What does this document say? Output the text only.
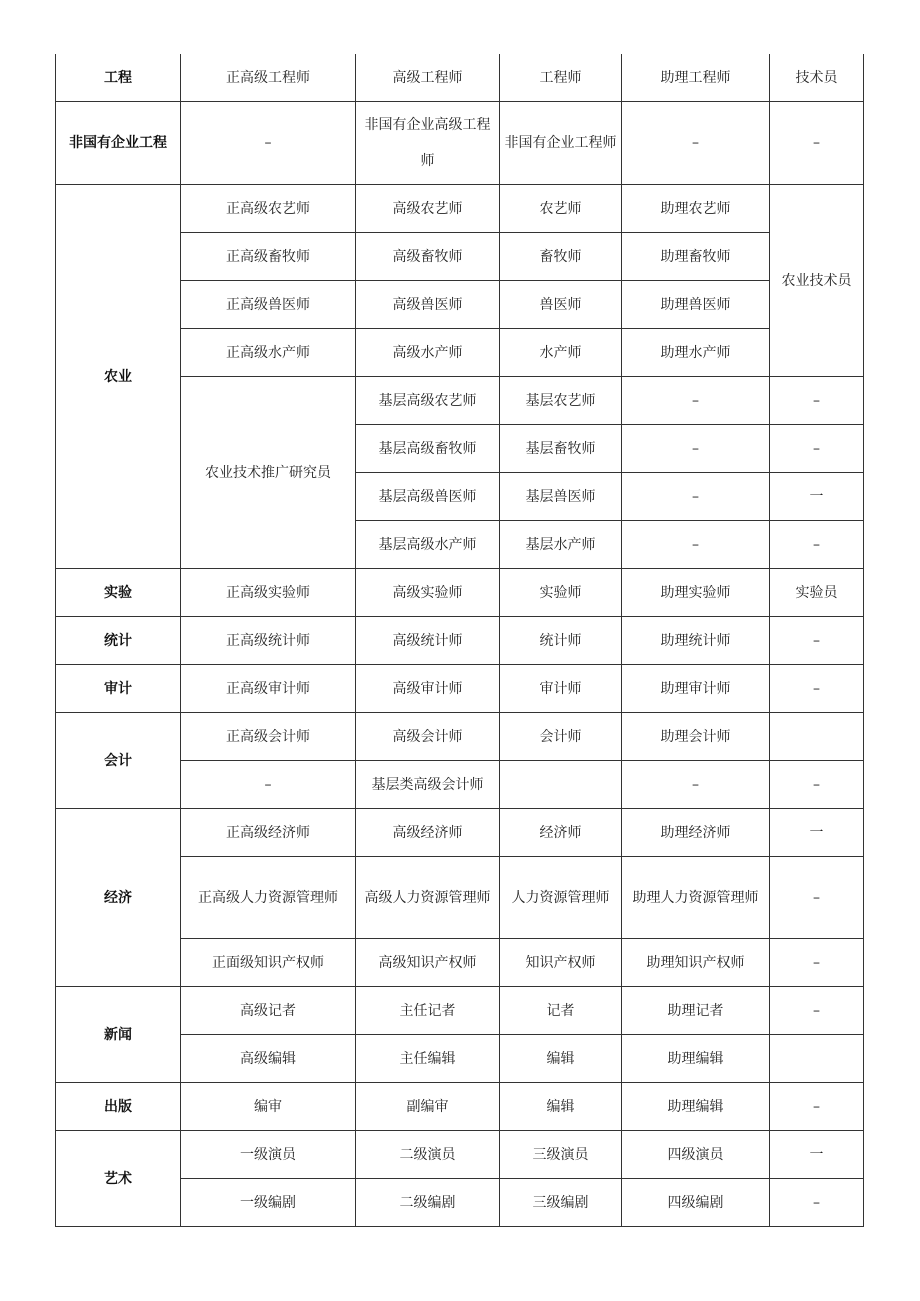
工程	正高级工程师	高级工程师	工程师	助理工程师	技术员
非国有企业工程	–	非国有企业高级工程师	非国有企业工程师	–	–
农业	正高级农艺师	高级农艺师	农艺师	助理农艺师	农业技术员
	正高级畜牧师	高级畜牧师	畜牧师	助理畜牧师	
	正高级兽医师	高级兽医师	兽医师	助理兽医师	
	正高级水产师	高级水产师	水产师	助理水产师	
	农业技术推广研究员	基层高级农艺师	基层农艺师	–	–
		基层高级畜牧师	基层畜牧师	–	–
		基层高级兽医师	基层兽医师	–	一
		基层高级水产师	基层水产师	–	–
实验	正高级实验师	高级实验师	实验师	助理实验师	实验员
统计	正高级统计师	高级统计师	统计师	助理统计师	–
审计	正高级审计师	高级审计师	审计师	助理审计师	–
会计	正高级会计师	高级会计师	会计师	助理会计师	
	–	基层类高级会计师		–	–
经济	正高级经济师	高级经济师	经济师	助理经济师	一
	正高级人力资源管理师	高级人力资源管理师	人力资源管理师	助理人力资源管理师	–
	正面级知识产权师	高级知识产权师	知识产权师	助理知识产权师	–
新闻	高级记者	主任记者	记者	助理记者	–
	高级编辑	主任编辑	编辑	助理编辑	
出版	编审	副编审	编辑	助理编辑	–
艺术	一级演员	二级演员	三级演员	四级演员	一
	一级编剧	二级编剧	三级编剧	四级编剧	–
